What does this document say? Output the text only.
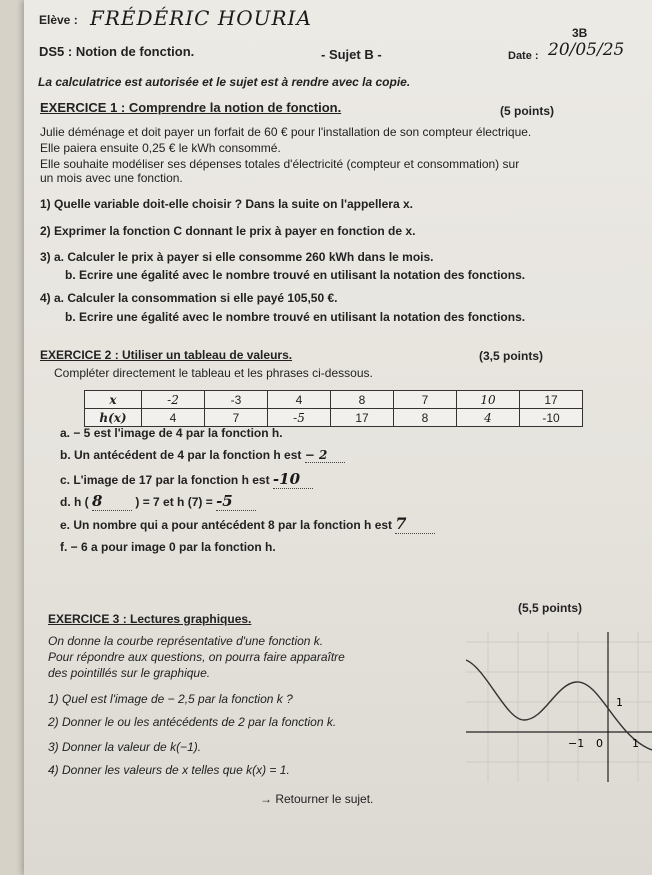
Elève : FRÉDÉRIC HOURIA
3B
DS5 : Notion de fonction.	- Sujet B -	Date : 20/05/25
La calculatrice est autorisée et le sujet est à rendre avec la copie.
EXERCICE 1 : Comprendre la notion de fonction.	(5 points)
Julie déménage et doit payer un forfait de 60 € pour l'installation de son compteur électrique.
Elle paiera ensuite 0,25 € le kWh consommé.
Elle souhaite modéliser ses dépenses totales d'électricité (compteur et consommation) sur
un mois avec une fonction.
1) Quelle variable doit-elle choisir ? Dans la suite on l'appellera x.
2) Exprimer la fonction C donnant le prix à payer en fonction de x.
3) a. Calculer le prix à payer si elle consomme 260 kWh dans le mois.
b. Ecrire une égalité avec le nombre trouvé en utilisant la notation des fonctions.
4) a. Calculer la consommation si elle payé 105,50 €.
b. Ecrire une égalité avec le nombre trouvé en utilisant la notation des fonctions.
EXERCICE 2 : Utiliser un tableau de valeurs.	(3,5 points)
Compléter directement le tableau et les phrases ci-dessous.
x	-2	-3	4	8	7	10	17
h(x)	4	7	-5	17	8	4	-10
a. − 5 est l'image de 4 par la fonction h.
b. Un antécédent de 4 par la fonction h est − 2
c. L'image de 17 par la fonction h est -10
d. h ( 8	) = 7 et h (7) = -5
e. Un nombre qui a pour antécédent 8 par la fonction h est 7
f. − 6 a pour image 0 par la fonction h.
EXERCICE 3 : Lectures graphiques.
(5,5 points)
On donne la courbe représentative d'une fonction k.
Pour répondre aux questions, on pourra faire apparaître
des pointillés sur le graphique.
1) Quel est l'image de − 2,5 par la fonction k ?
2) Donner le ou les antécédents de 2 par la fonction k.
3) Donner la valeur de k(−1).
4) Donner les valeurs de x telles que k(x) = 1.
1
−1 0	1
→ Retourner le sujet.
